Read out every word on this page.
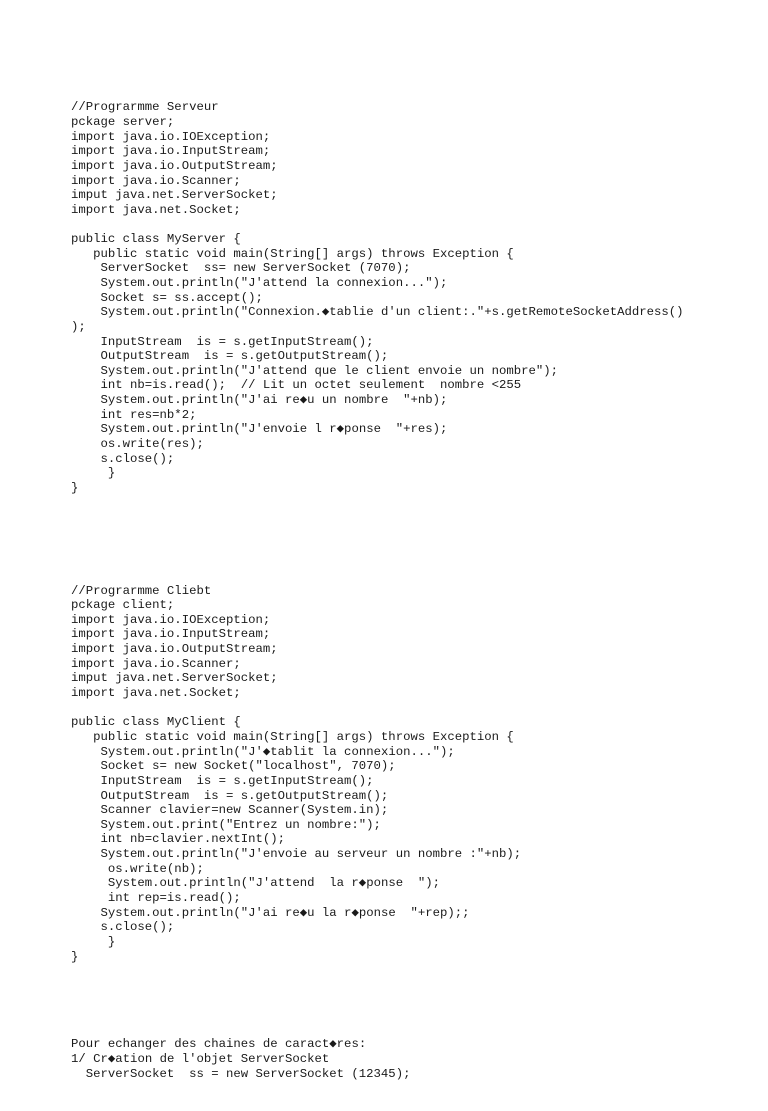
//Prograrmme Serveur
pckage server;
import java.io.IOException;
import java.io.InputStream;
import java.io.OutputStream;
import java.io.Scanner;
imput java.net.ServerSocket;
import java.net.Socket;
public class MyServer {
public static void main(String[] args) throws Exception {
ServerSocket  ss= new ServerSocket (7070);
System.out.println("J'attend la connexion...");
Socket s= ss.accept();
System.out.println("Connexion.◆tablie d'un client:."+s.getRemoteSocketAddress()
);
InputStream  is = s.getInputStream();
OutputStream  is = s.getOutputStream();
System.out.println("J'attend que le client envoie un nombre");
int nb=is.read();  // Lit un octet seulement  nombre <255
System.out.println("J'ai re◆u un nombre  "+nb);
int res=nb*2;
System.out.println("J'envoie l r◆ponse  "+res);
os.write(res);
s.close();
}
}

//Prograrmme Cliebt
pckage client;
import java.io.IOException;
import java.io.InputStream;
import java.io.OutputStream;
import java.io.Scanner;
imput java.net.ServerSocket;
import java.net.Socket;
public class MyClient {
public static void main(String[] args) throws Exception {
System.out.println("J'◆tablit la connexion...");
Socket s= new Socket("localhost", 7070);
InputStream  is = s.getInputStream();
OutputStream  is = s.getOutputStream();
Scanner clavier=new Scanner(System.in);
System.out.print("Entrez un nombre:");
int nb=clavier.nextInt();
System.out.println("J'envoie au serveur un nombre :"+nb);
os.write(nb);
System.out.println("J'attend  la r◆ponse  ");
int rep=is.read();
System.out.println("J'ai re◆u la r◆ponse  "+rep);;
s.close();
}
}

Pour echanger des chaines de caract◆res:
1/ Cr◆ation de l'objet ServerSocket
ServerSocket  ss = new ServerSocket (12345);
